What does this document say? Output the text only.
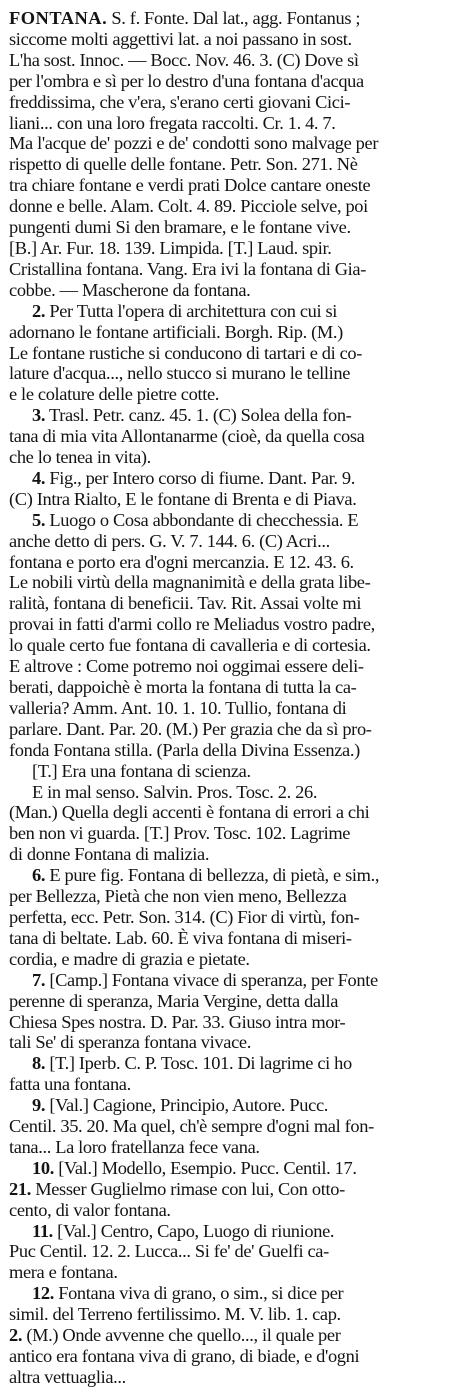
FONTANA. S. f. Fonte. Dal lat., agg. Fontanus ;
siccome molti aggettivi lat. a noi passano in sost.
L'ha sost. Innoc. — Bocc. Nov. 46. 3. (C) Dove sì
per l'ombra e sì per lo destro d'una fontana d'acqua
freddissima, che v'era, s'erano certi giovani Cici-
liani... con una loro fregata raccolti. Cr. 1. 4. 7.
Ma l'acque de' pozzi e de' condotti sono malvage per
rispetto di quelle delle fontane. Petr. Son. 271. Nè
tra chiare fontane e verdi prati Dolce cantare oneste
donne e belle. Alam. Colt. 4. 89. Picciole selve, poi
pungenti dumi Si den bramare, e le fontane vive.
[B.] Ar. Fur. 18. 139. Limpida. [T.] Laud. spir.
Cristallina fontana. Vang. Era ivi la fontana di Gia-
cobbe. — Mascherone da fontana.
2. Per Tutta l'opera di architettura con cui si
adornano le fontane artificiali. Borgh. Rip. (M.)
Le fontane rustiche si conducono di tartari e di co-
lature d'acqua..., nello stucco si murano le telline
e le colature delle pietre cotte.
3. Trasl. Petr. canz. 45. 1. (C) Solea della fon-
tana di mia vita Allontanarme (cioè, da quella cosa
che lo tenea in vita).
4. Fig., per Intero corso di fiume. Dant. Par. 9.
(C) Intra Rialto, E le fontane di Brenta e di Piava.
5. Luogo o Cosa abbondante di checchessia. E
anche detto di pers. G. V. 7. 144. 6. (C) Acri...
fontana e porto era d'ogni mercanzia. E 12. 43. 6.
Le nobili virtù della magnanimità e della grata libe-
ralità, fontana di beneficii. Tav. Rit. Assai volte mi
provai in fatti d'armi collo re Meliadus vostro padre,
lo quale certo fue fontana di cavalleria e di cortesia.
E altrove : Come potremo noi oggimai essere deli-
berati, dappoichè è morta la fontana di tutta la ca-
valleria? Amm. Ant. 10. 1. 10. Tullio, fontana di
parlare. Dant. Par. 20. (M.) Per grazia che da sì pro-
fonda Fontana stilla. (Parla della Divina Essenza.)
[T.] Era una fontana di scienza.
E in mal senso. Salvin. Pros. Tosc. 2. 26.
(Man.) Quella degli accenti è fontana di errori a chi
ben non vi guarda. [T.] Prov. Tosc. 102. Lagrime
di donne Fontana di malizia.
6. E pure fig. Fontana di bellezza, di pietà, e sim.,
per Bellezza, Pietà che non vien meno, Bellezza
perfetta, ecc. Petr. Son. 314. (C) Fior di virtù, fon-
tana di beltate. Lab. 60. È viva fontana di miseri-
cordia, e madre di grazia e pietate.
7. [Camp.] Fontana vivace di speranza, per Fonte
perenne di speranza, Maria Vergine, detta dalla
Chiesa Spes nostra. D. Par. 33. Giuso intra mor-
tali Se' di speranza fontana vivace.
8. [T.] Iperb. C. P. Tosc. 101. Di lagrime ci ho
fatta una fontana.
9. [Val.] Cagione, Principio, Autore. Pucc.
Centil. 35. 20. Ma quel, ch'è sempre d'ogni mal fon-
tana... La loro fratellanza fece vana.
10. [Val.] Modello, Esempio. Pucc. Centil. 17.
21. Messer Guglielmo rimase con lui, Con otto-
cento, di valor fontana.
11. [Val.] Centro, Capo, Luogo di riunione.
Puc Centil. 12. 2. Lucca... Si fe' de' Guelfi ca-
mera e fontana.
12. Fontana viva di grano, o sim., si dice per
simil. del Terreno fertilissimo. M. V. lib. 1. cap.
2. (M.) Onde avvenne che quello..., il quale per
antico era fontana viva di grano, di biade, e d'ogni
altra vettuaglia...
